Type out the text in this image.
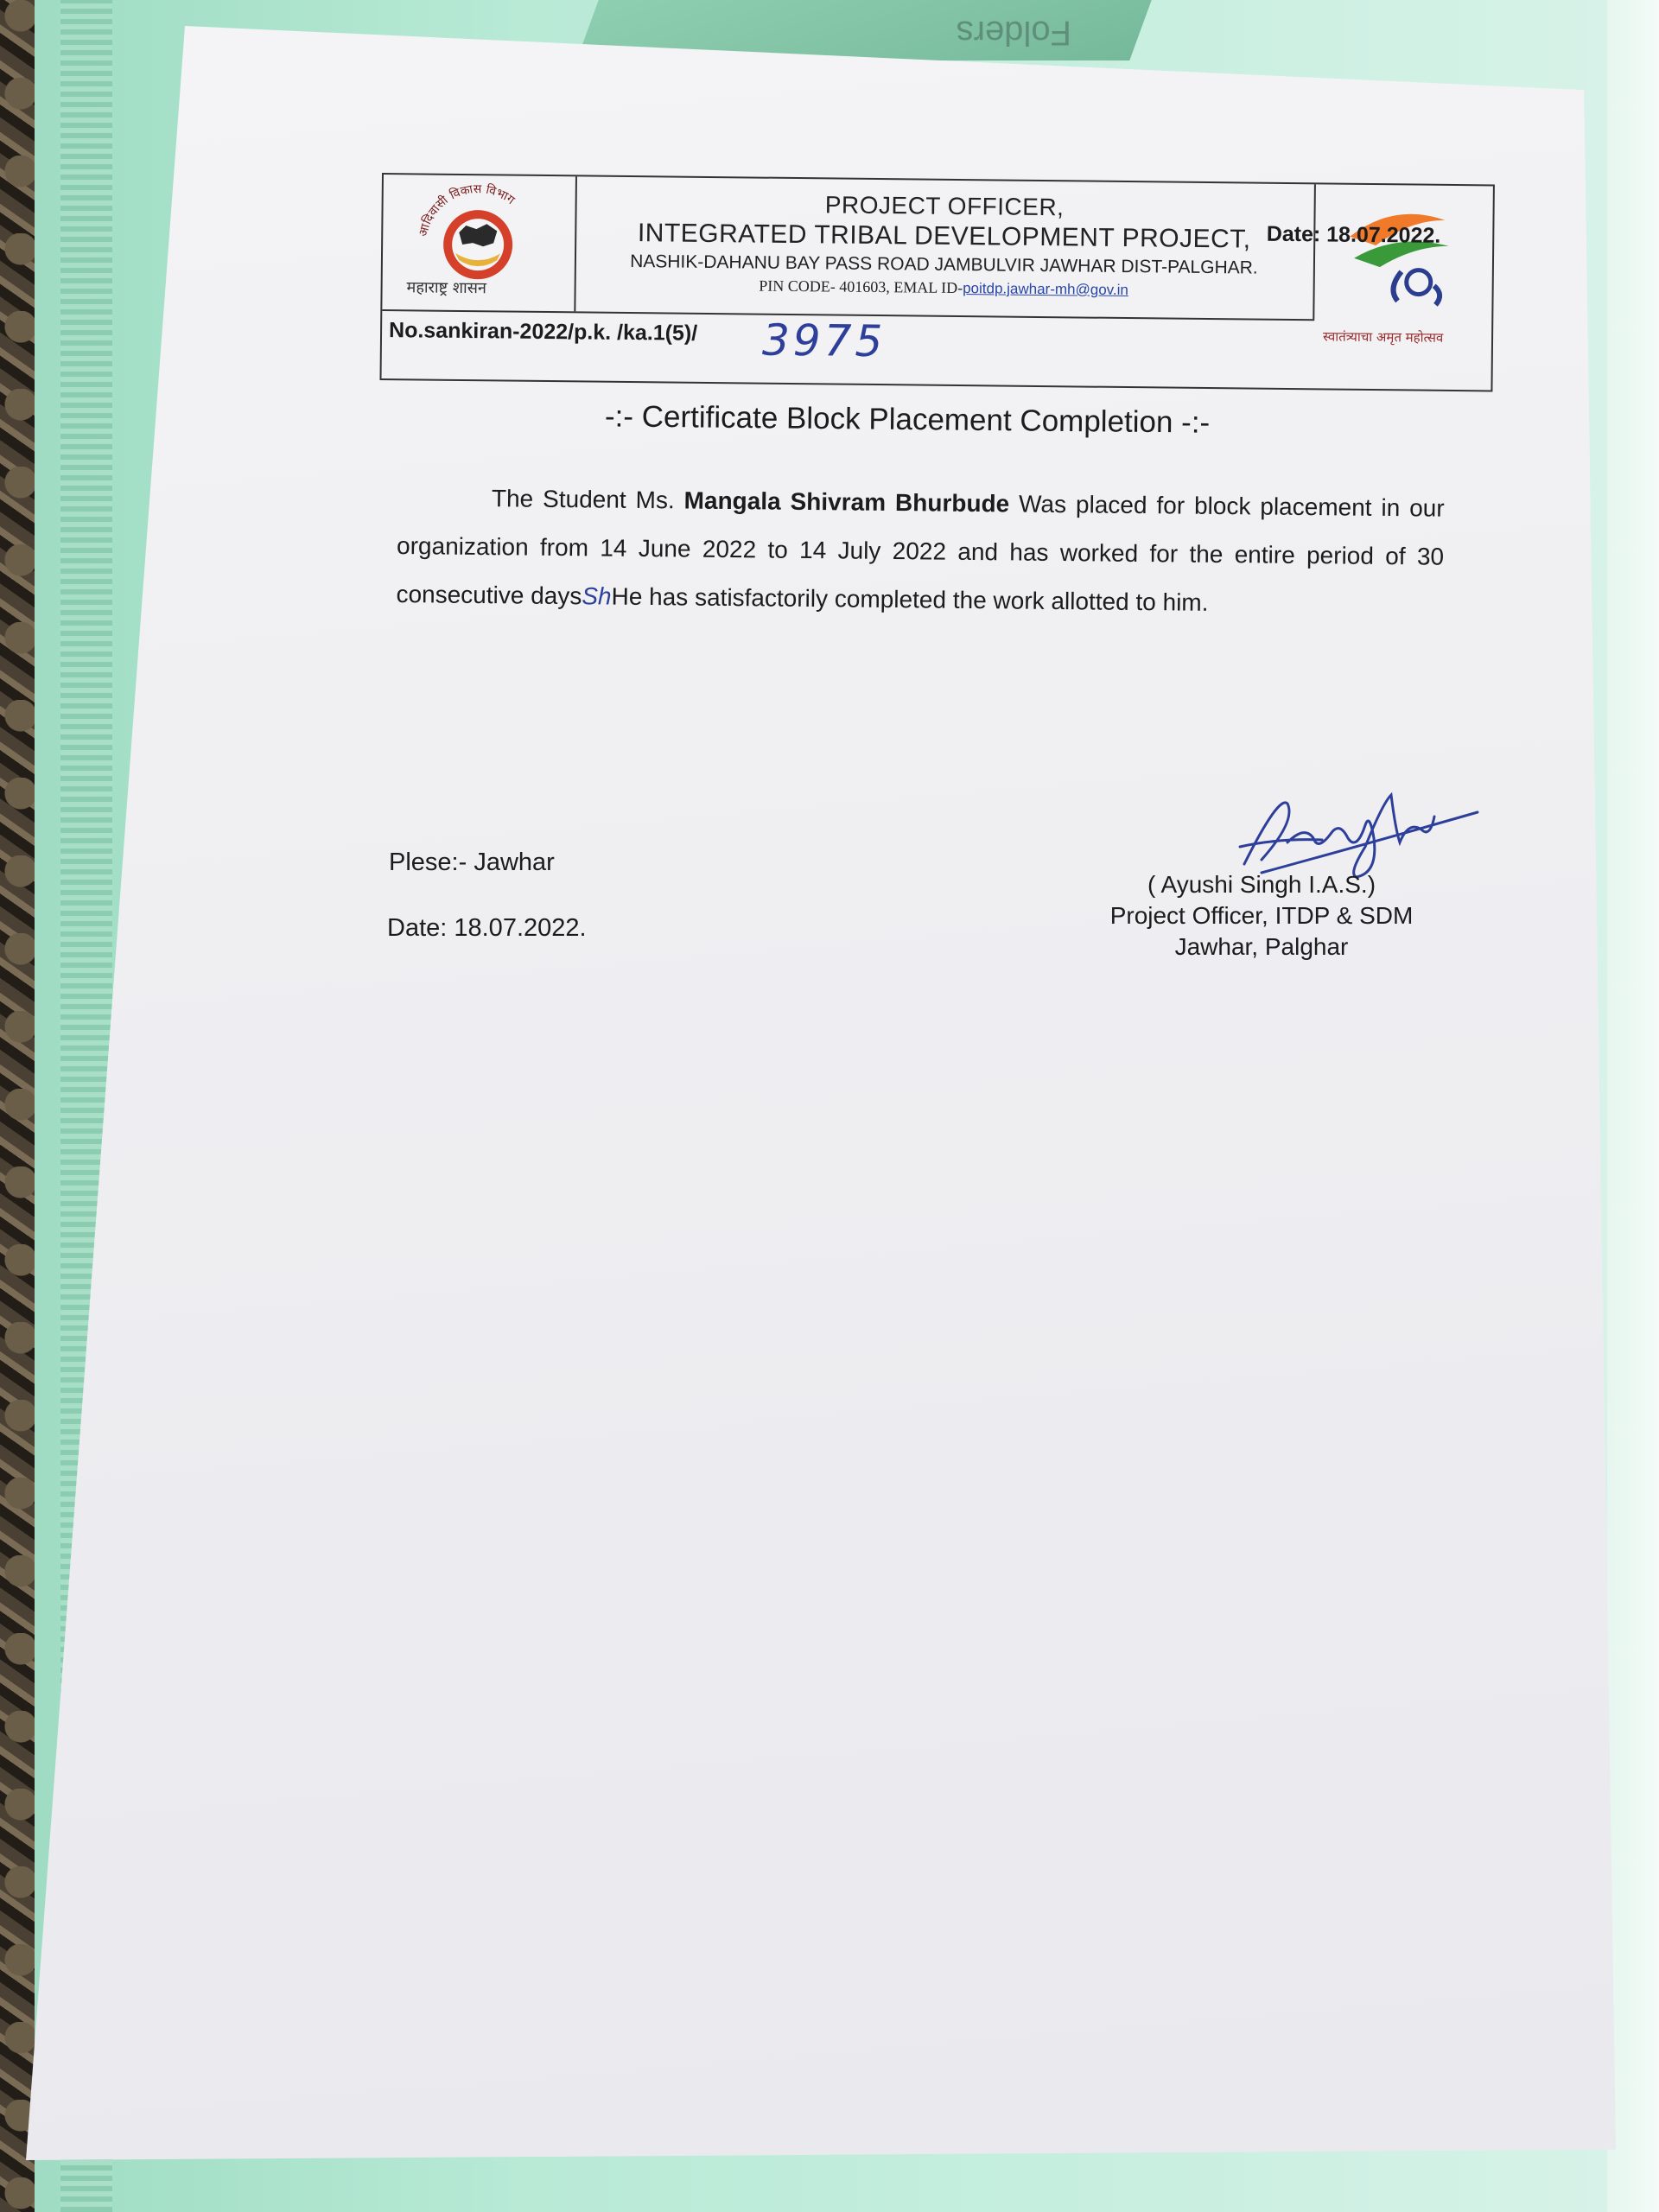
Folders
आदिवासी विकास विभाग
महाराष्ट्र शासन
PROJECT OFFICER,
INTEGRATED TRIBAL DEVELOPMENT PROJECT,
NASHIK-DAHANU BAY PASS ROAD JAMBULVIR JAWHAR DIST-PALGHAR.
PIN CODE- 401603, EMAL ID-poitdp.jawhar-mh@gov.in
स्वातंत्र्याचा अमृत महोत्सव
No.sankiran-2022/p.k. /ka.1(5)/ 3975
Date: 18.07.2022.
-:- Certificate Block Placement Completion -:-
The Student Ms. Mangala Shivram Bhurbude Was placed for block placement in our organization from 14 June 2022 to 14 July 2022 and has worked for the entire period of 30 consecutive daysShHe has satisfactorily completed the work allotted to him.
Plese:- Jawhar
Date: 18.07.2022.
( Ayushi Singh I.A.S.)
Project Officer, ITDP & SDM
Jawhar, Palghar
